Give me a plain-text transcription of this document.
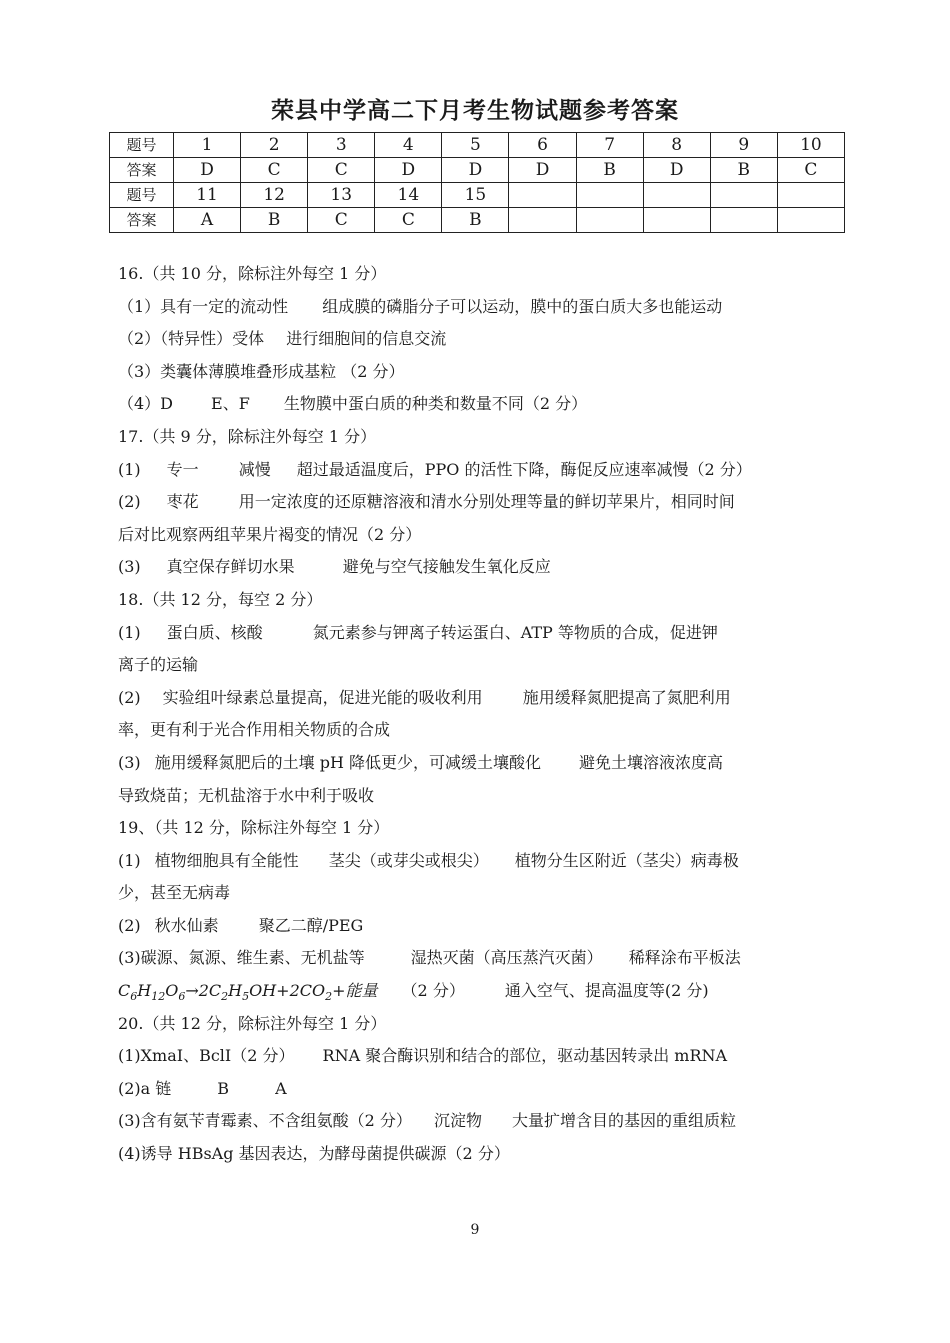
荣县中学高二下月考生物试题参考答案
题号	1	2	3	4	5	6	7	8	9	10
答案	D	C	C	D	D	D	B	D	B	C
题号	11	12	13	14	15					
答案	A	B	C	C	B					
16.（共 10 分，除标注外每空 1 分）
（1）具有一定的流动性 组成膜的磷脂分子可以运动，膜中的蛋白质大多也能运动
（2）（特异性）受体 进行细胞间的信息交流
（3）类囊体薄膜堆叠形成基粒 （2 分）
（4）D E、F 生物膜中蛋白质的种类和数量不同（2 分）
17.（共 9 分，除标注外每空 1 分）
(1) 专一	减慢 超过最适温度后，PPO 的活性下降，酶促反应速率减慢（2 分）
(2) 枣花	用一定浓度的还原糖溶液和清水分别处理等量的鲜切苹果片，相同时间
后对比观察两组苹果片褐变的情况（2 分）
(3) 真空保存鲜切水果	避免与空气接触发生氧化反应
18.（共 12 分，每空 2 分）
(1) 蛋白质、核酸	氮元素参与钾离子转运蛋白、ATP 等物质的合成，促进钾
离子的运输
(2) 实验组叶绿素总量提高，促进光能的吸收利用	施用缓释氮肥提高了氮肥利用
率，更有利于光合作用相关物质的合成
(3) 施用缓释氮肥后的土壤 pH 降低更少，可减缓土壤酸化 避免土壤溶液浓度高
导致烧苗；无机盐溶于水中利于吸收
19、（共 12 分，除标注外每空 1 分）
(1) 植物细胞具有全能性 茎尖（或芽尖或根尖） 植物分生区附近（茎尖）病毒极
少，甚至无病毒
(2) 秋水仙素	聚乙二醇/PEG
(3)碳源、氮源、维生素、无机盐等	湿热灭菌（高压蒸汽灭菌） 稀释涂布平板法
$C_6H_{12}O_6\to 2C_2H_5OH+2CO_2+$能量 （2 分）	通入空气、提高温度等(2 分)
20.（共 12 分，除标注外每空 1 分）
(1)XmaⅠ、BclⅠ（2 分） RNA 聚合酶识别和结合的部位，驱动基因转录出 mRNA
(2)a 链	B	A
(3)含有氨苄青霉素、不含组氨酸（2 分） 沉淀物 大量扩增含目的基因的重组质粒
(4)诱导 HBsAg 基因表达，为酵母菌提供碳源（2 分）
9
